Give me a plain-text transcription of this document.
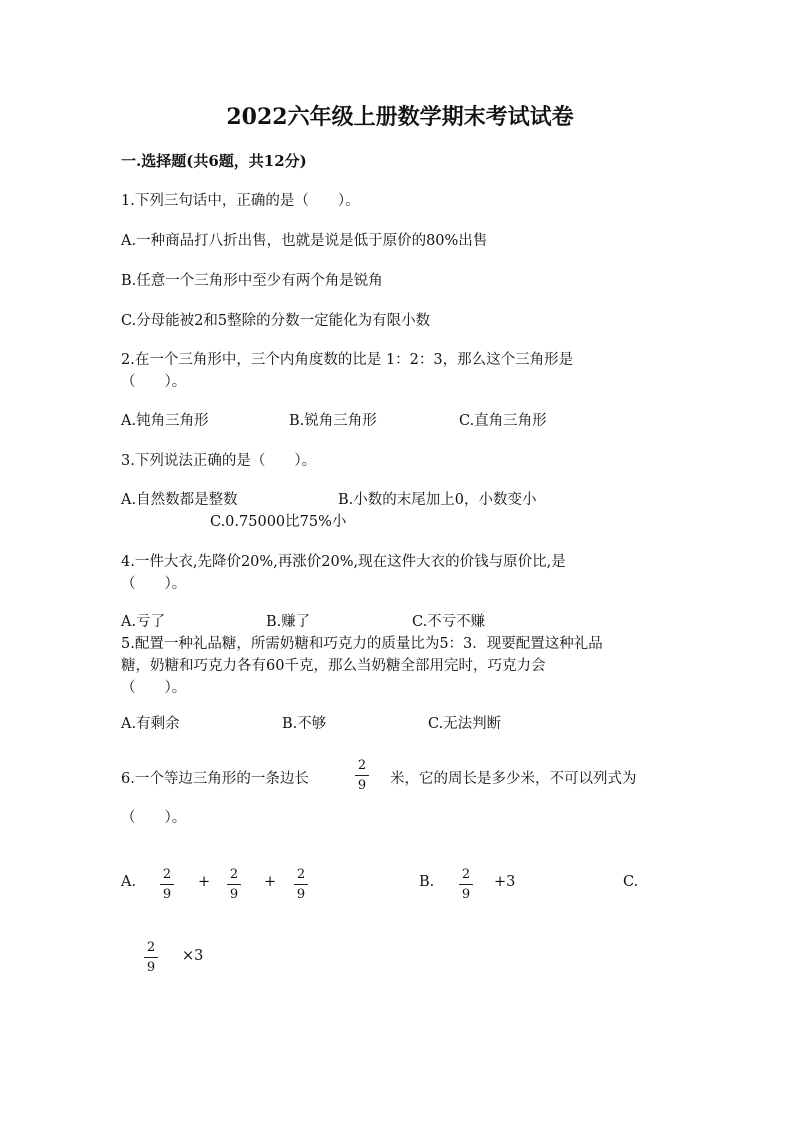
2022六年级上册数学期末考试试卷
一.选择题(共6题，共12分)
1.下列三句话中，正确的是（　　）。
A.一种商品打八折出售，也就是说是低于原价的80%出售
B.任意一个三角形中至少有两个角是锐角
C.分母能被2和5整除的分数一定能化为有限小数
2.在一个三角形中，三个内角度数的比是 1：2：3，那么这个三角形是
（　　）。
A.钝角三角形	B.锐角三角形	C.直角三角形
3.下列说法正确的是（　　）。
A.自然数都是整数	B.小数的末尾加上0，小数变小
C.0.75000比75%小
4.一件大衣,先降价20%,再涨价20%,现在这件大衣的价钱与原价比,是
（　　）。
A.亏了	B.赚了	C.不亏不赚
5.配置一种礼品糖，所需奶糖和巧克力的质量比为5：3．现要配置这种礼品
糖，奶糖和巧克力各有60千克，那么当奶糖全部用完时，巧克力会
（　　）。
A.有剩余	B.不够	C.无法判断
6.一个等边三角形的一条边长
2
9	米，它的周长是多少米，不可以列式为
（　　）。
A.	2
9
+	2
9
+	2
9
B.	2
9
+3	C.
2
9
×3
